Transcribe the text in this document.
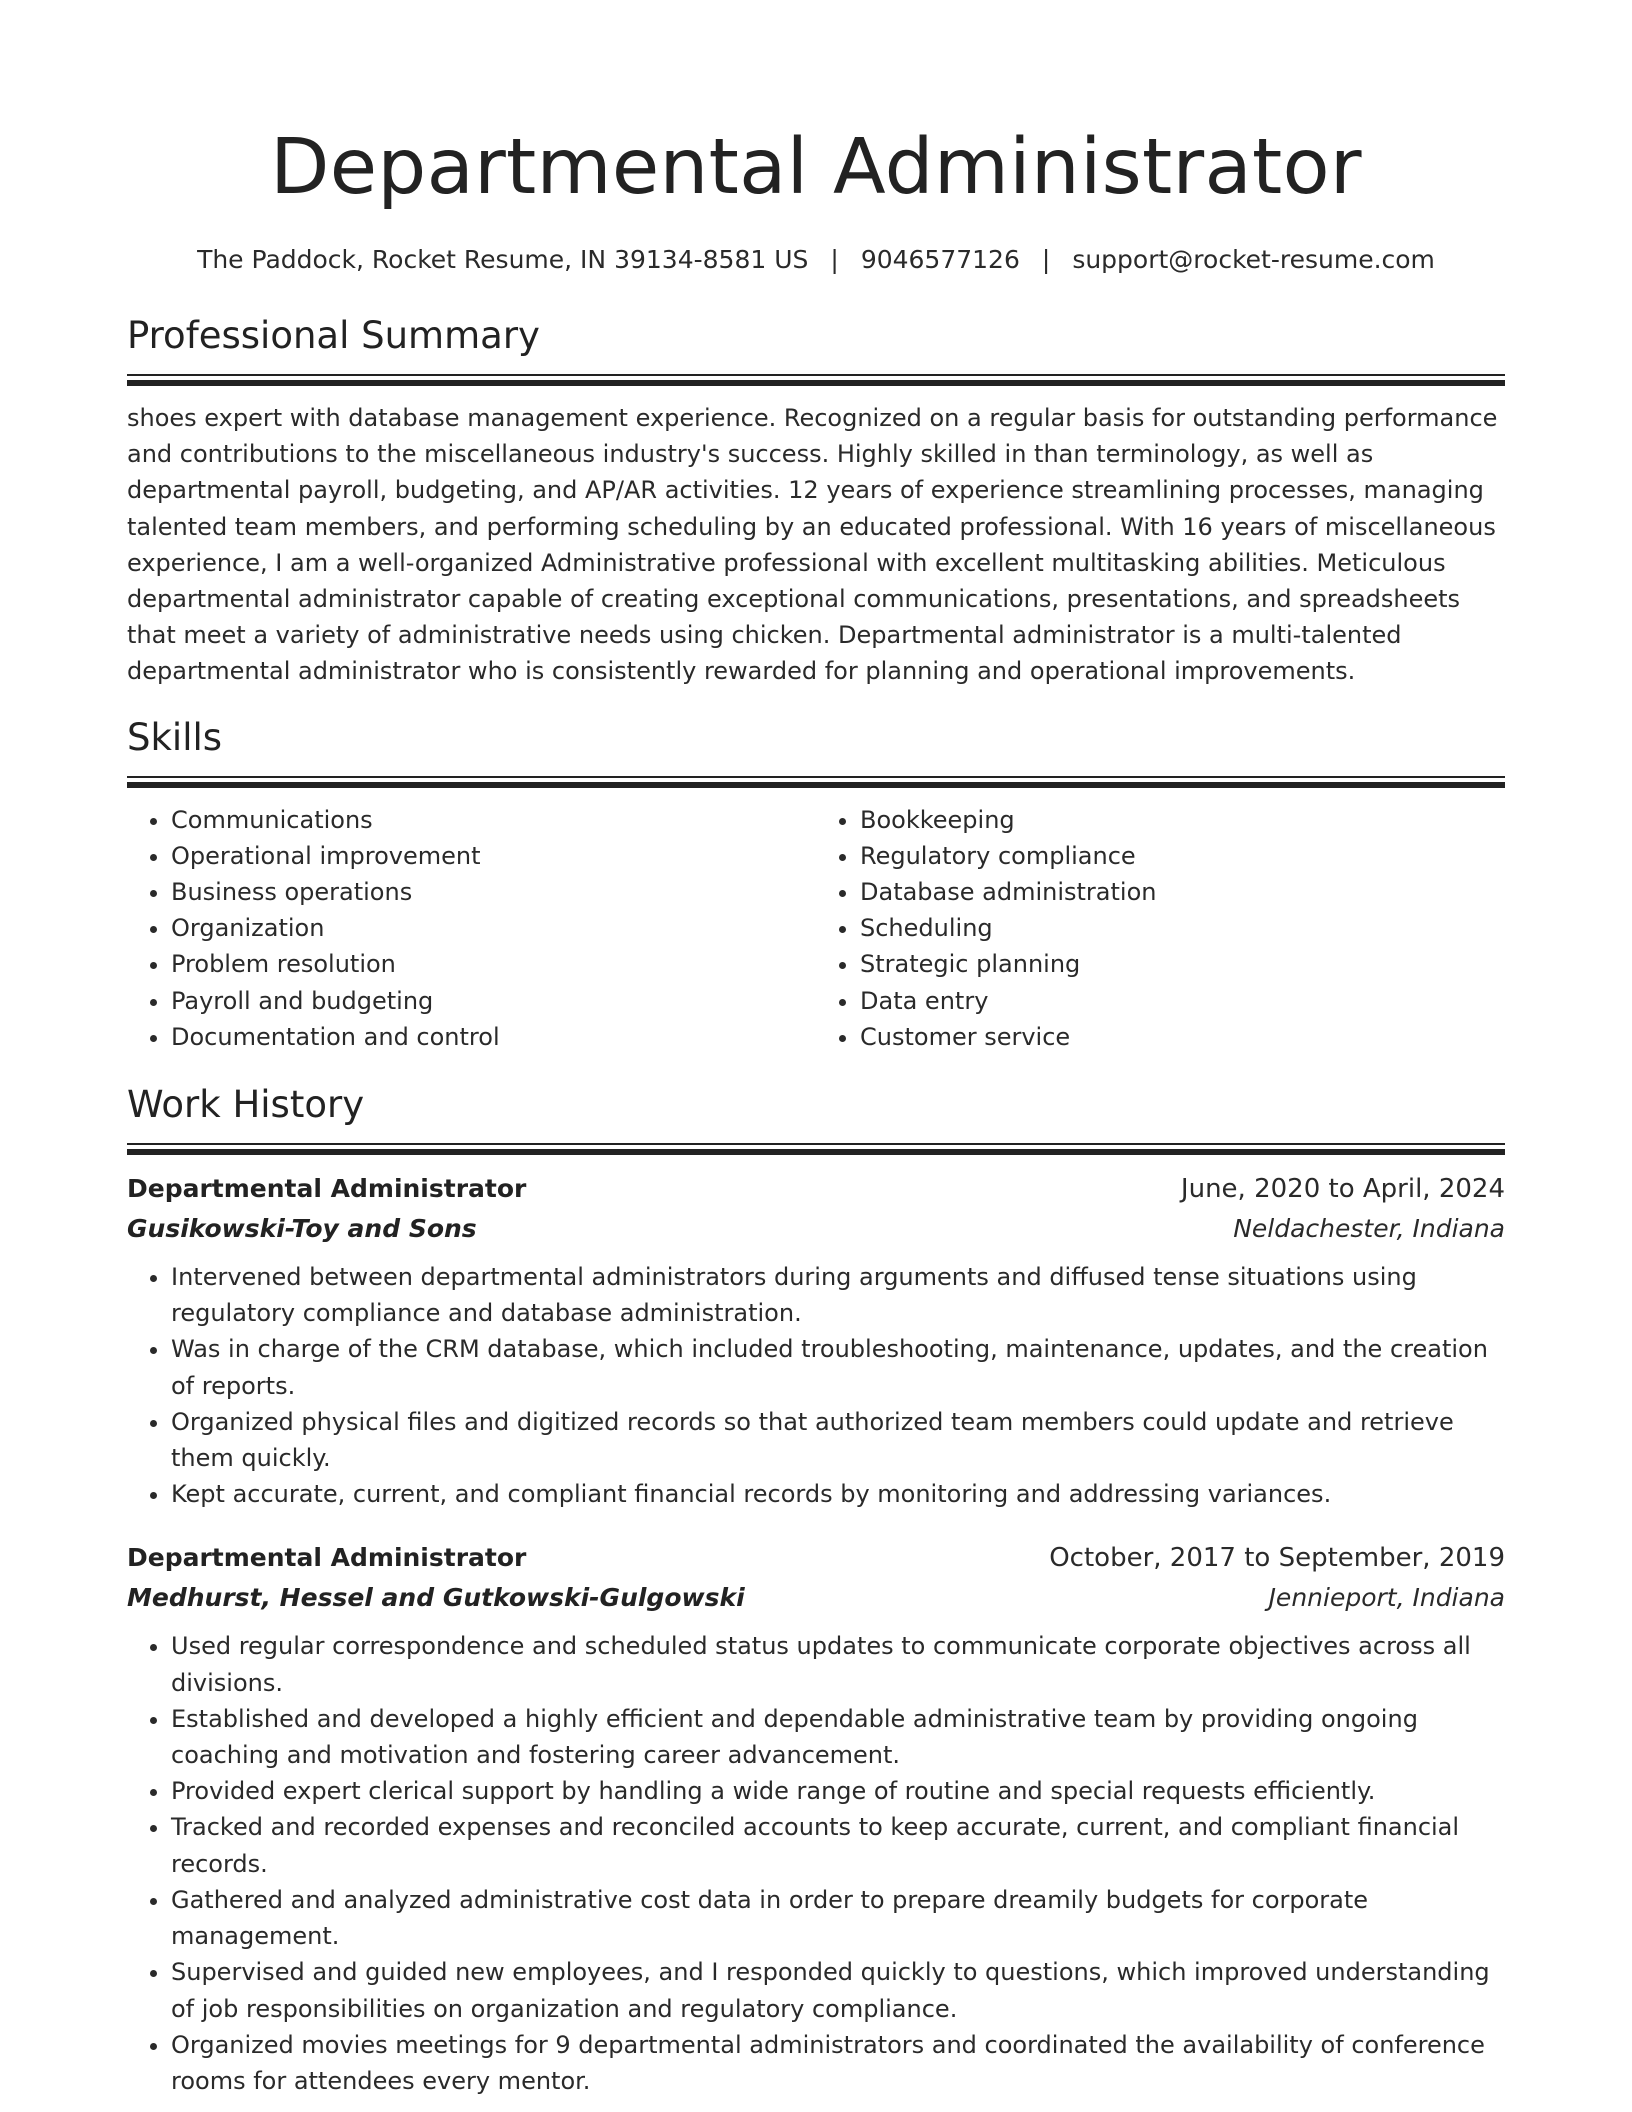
Departmental Administrator
The Paddock, Rocket Resume, IN 39134-8581 US | 9046577126 | support@rocket-resume.com
Professional Summary

shoes expert with database management experience. Recognized on a regular basis for outstanding performance and contributions to the miscellaneous industry's success. Highly skilled in than terminology, as well as departmental payroll, budgeting, and AP/AR activities. 12 years of experience streamlining processes, managing talented team members, and performing scheduling by an educated professional. With 16 years of miscellaneous experience, I am a well-organized Administrative professional with excellent multitasking abilities. Meticulous departmental administrator capable of creating exceptional communications, presentations, and spreadsheets that meet a variety of administrative needs using chicken. Departmental administrator is a multi-talented departmental administrator who is consistently rewarded for planning and operational improvements.

Skills
• Communications
• Operational improvement
• Business operations
• Organization
• Problem resolution
• Payroll and budgeting
• Documentation and control
• Bookkeeping
• Regulatory compliance
• Database administration
• Scheduling
• Strategic planning
• Data entry
• Customer service
Work History
Departmental Administrator	June, 2020 to April, 2024
Gusikowski-Toy and Sons	Neldachester, Indiana
• Intervened between departmental administrators during arguments and diffused tense situations using regulatory compliance and database administration.
• Was in charge of the CRM database, which included troubleshooting, maintenance, updates, and the creation of reports.
• Organized physical files and digitized records so that authorized team members could update and retrieve them quickly.
• Kept accurate, current, and compliant financial records by monitoring and addressing variances.
Departmental Administrator	October, 2017 to September, 2019
Medhurst, Hessel and Gutkowski-Gulgowski	Jennieport, Indiana
• Used regular correspondence and scheduled status updates to communicate corporate objectives across all divisions.
• Established and developed a highly efficient and dependable administrative team by providing ongoing coaching and motivation and fostering career advancement.
• Provided expert clerical support by handling a wide range of routine and special requests efficiently.
• Tracked and recorded expenses and reconciled accounts to keep accurate, current, and compliant financial records.
• Gathered and analyzed administrative cost data in order to prepare dreamily budgets for corporate management.
• Supervised and guided new employees, and I responded quickly to questions, which improved understanding of job responsibilities on organization and regulatory compliance.
• Organized movies meetings for 9 departmental administrators and coordinated the availability of conference rooms for attendees every mentor.
